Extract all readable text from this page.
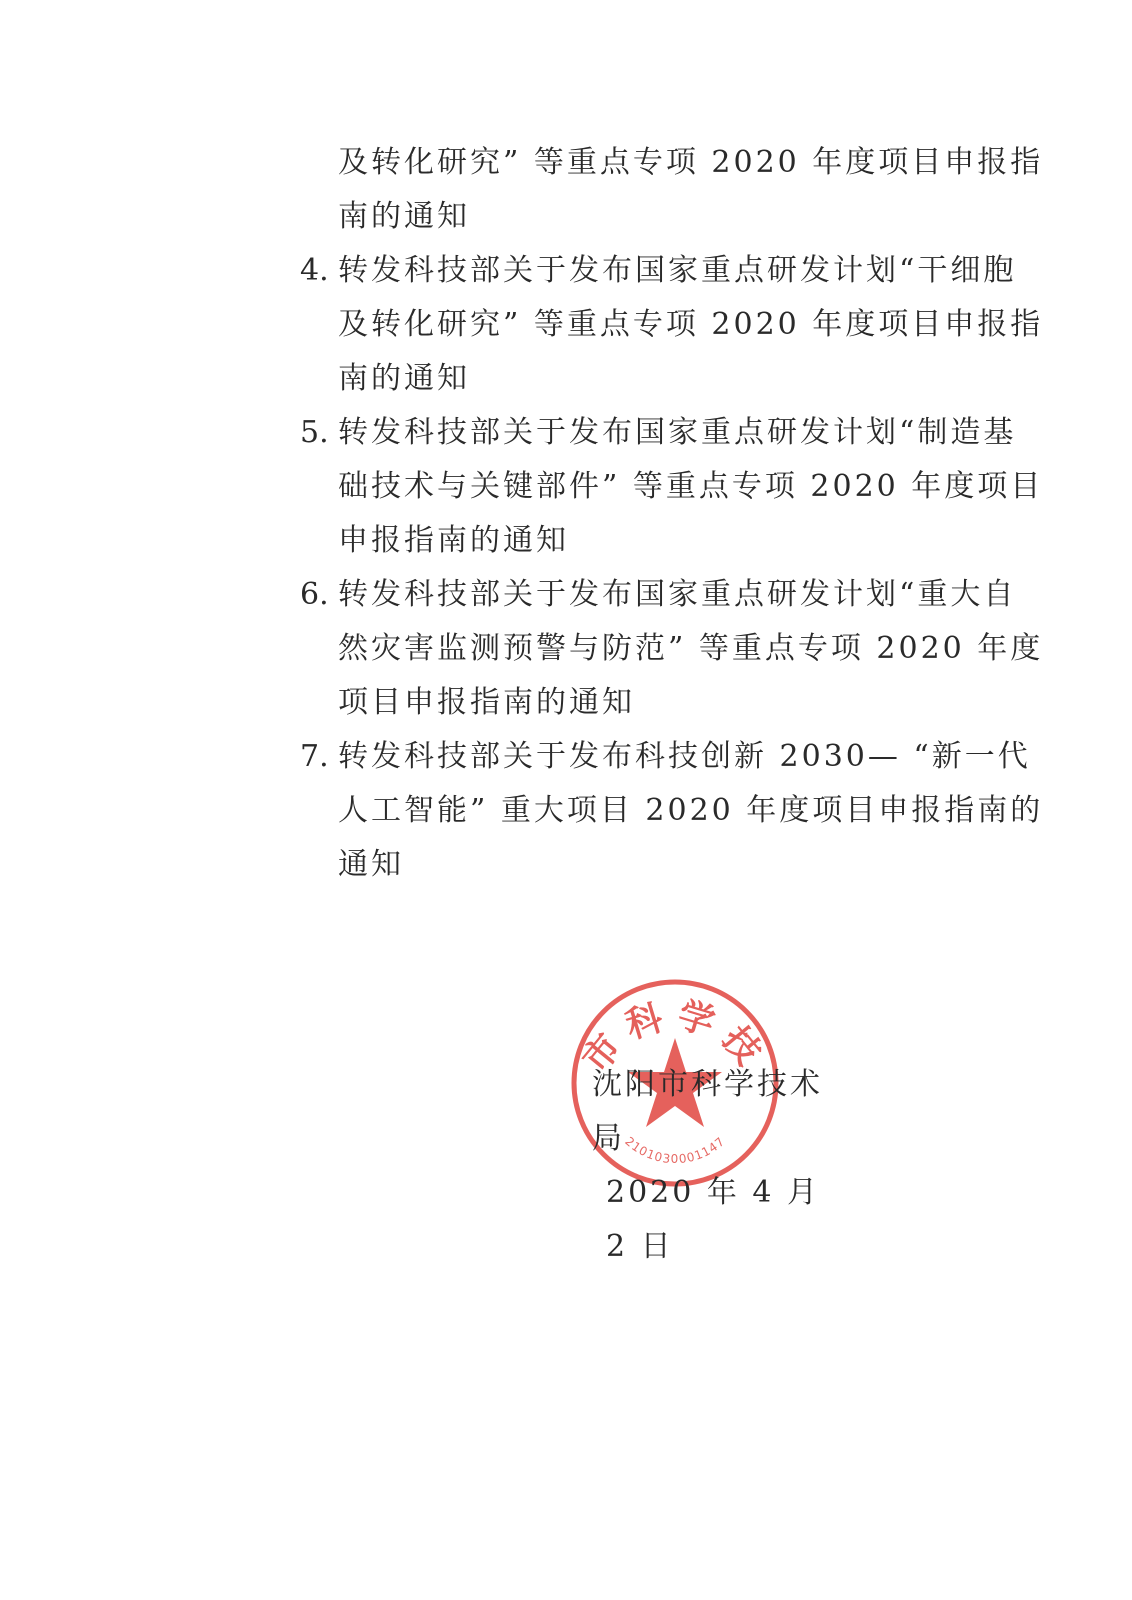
及转化研究” 等重点专项 2020 年度项目申报指
南的通知
4. 转发科技部关于发布国家重点研发计划“干细胞
及转化研究” 等重点专项 2020 年度项目申报指
南的通知
5. 转发科技部关于发布国家重点研发计划“制造基
础技术与关键部件” 等重点专项 2020 年度项目
申报指南的通知
6. 转发科技部关于发布国家重点研发计划“重大自
然灾害监测预警与防范” 等重点专项 2020 年度
项目申报指南的通知
7. 转发科技部关于发布科技创新 2030— “新一代
人工智能” 重大项目 2020 年度项目申报指南的
通知
市科学技
2101030001147
沈阳市科学技术局
2020 年 4 月 2 日
